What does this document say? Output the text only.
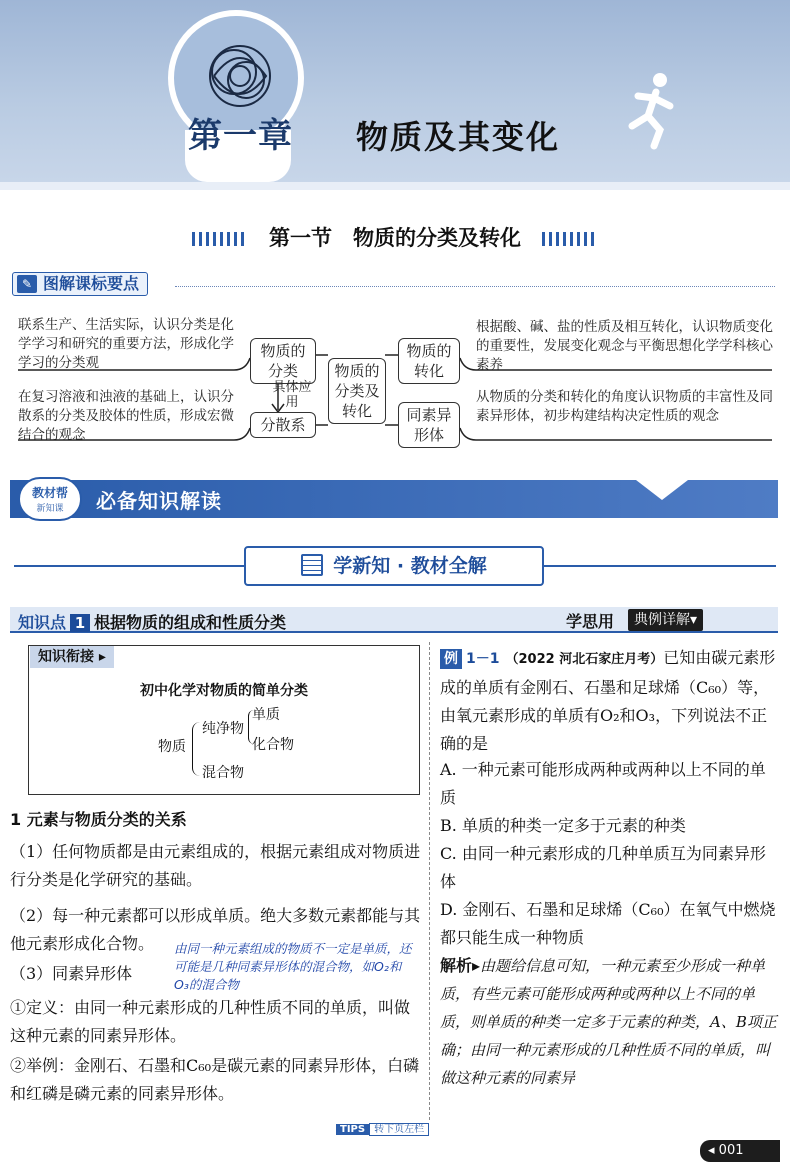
第一章 物质及其变化
第一节　物质的分类及转化
✎ 图解课标要点
联系生产、生活实际，认识分类是化学学习和研究的重要方法，形成化学学习的分类观
在复习溶液和浊液的基础上，认识分散系的分类及胶体的性质，形成宏微结合的观念
物质的分类
具体应用
分散系
物质的分类及转化
物质的转化
同素异形体
根据酸、碱、盐的性质及相互转化，认识物质变化的重要性，发展变化观念与平衡思想化学学科核心素养
从物质的分类和转化的角度认识物质的丰富性及同素异形体，初步构建结构决定性质的观念
教材帮
新知课	必备知识解读
学新知 · 教材全解
知识点 1 根据物质的组成和性质分类	学思用	典例详解▾
知识衔接 ▸
初中化学对物质的简单分类
物质
纯净物
单质
化合物
混合物
1 元素与物质分类的关系
（1）任何物质都是由元素组成的，根据元素组成对物质进行分类是化学研究的基础。
（2）每一种元素都可以形成单质。绝大多数元素都能与其他元素形成化合物。
（3）同素异形体
由同一种元素组成的物质不一定是单质，还可能是几种同素异形体的混合物，如O₂和O₃的混合物
①定义：由同一种元素形成的几种性质不同的单质，叫做这种元素的同素异形体。
②举例：金刚石、石墨和C₆₀是碳元素的同素异形体，白磷和红磷是磷元素的同素异形体。
TIPS 转下页左栏
例 1－1 （2022 河北石家庄月考）已知由碳元素形成的单质有金刚石、石墨和足球烯（C₆₀）等，由氧元素形成的单质有O₂和O₃，下列说法不正确的是
A. 一种元素可能形成两种或两种以上不同的单质
B. 单质的种类一定多于元素的种类
C. 由同一种元素形成的几种单质互为同素异形体
D. 金刚石、石墨和足球烯（C₆₀）在氧气中燃烧都只能生成一种物质
解析▸由题给信息可知，一种元素至少形成一种单质，有些元素可能形成两种或两种以上不同的单质，则单质的种类一定多于元素的种类，A、B项正确；由同一种元素形成的几种性质不同的单质，叫做这种元素的同素异
◂ 001
